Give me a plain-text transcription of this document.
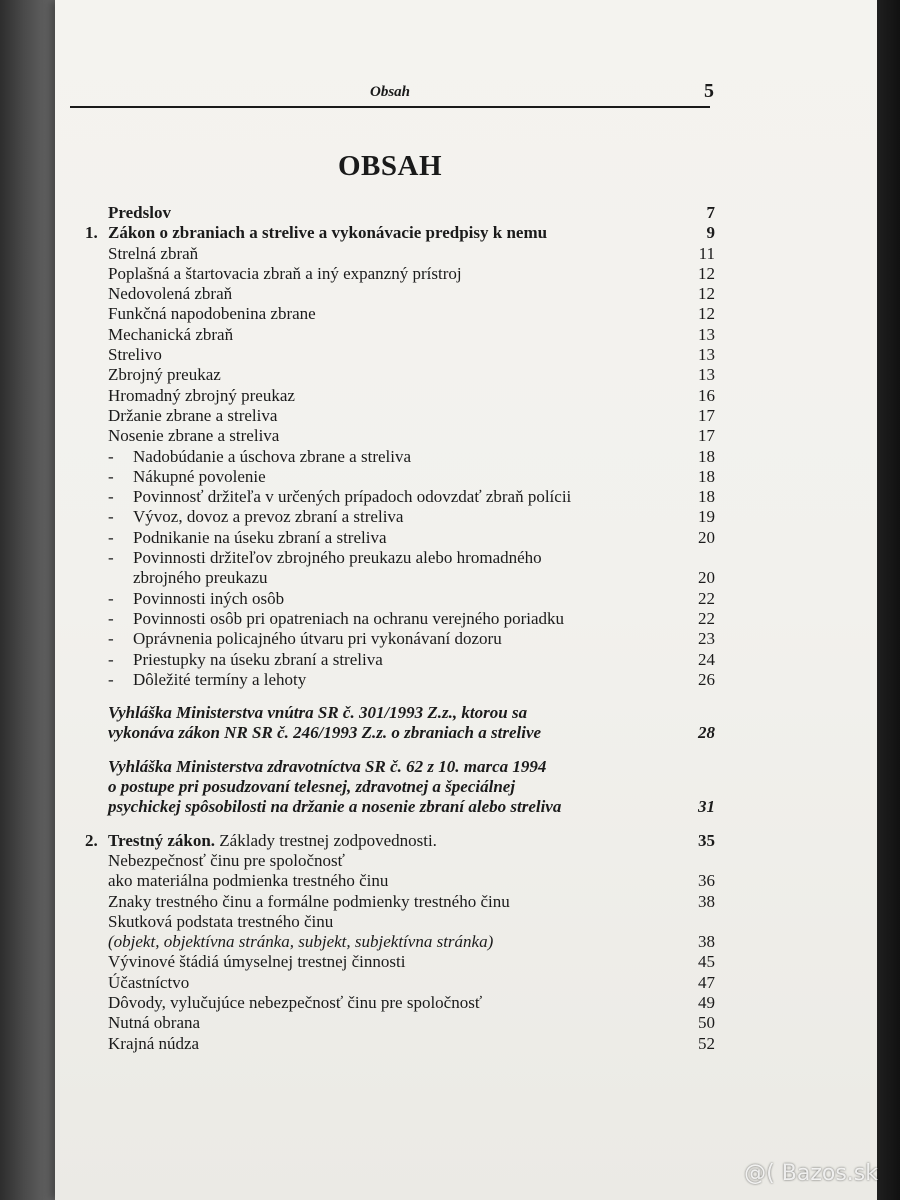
Obsah	5
OBSAH
Predslov	7
1. Zákon o zbraniach a strelive a vykonávacie predpisy k nemu	9
Strelná zbraň	11
Poplašná a štartovacia zbraň a iný expanzný prístroj	12
Nedovolená zbraň	12
Funkčná napodobenina zbrane	12
Mechanická zbraň	13
Strelivo	13
Zbrojný preukaz	13
Hromadný zbrojný preukaz	16
Držanie zbrane a streliva	17
Nosenie zbrane a streliva	17
- Nadobúdanie a úschova zbrane a streliva	18
- Nákupné povolenie	18
- Povinnosť držiteľa v určených prípadoch odovzdať zbraň polícii	18
- Vývoz, dovoz a prevoz zbraní a streliva	19
- Podnikanie na úseku zbraní a streliva	20
- Povinnosti držiteľov zbrojného preukazu alebo hromadného
zbrojného preukazu	20
- Povinnosti iných osôb	22
- Povinnosti osôb pri opatreniach na ochranu verejného poriadku	22
- Oprávnenia policajného útvaru pri vykonávaní dozoru	23
- Priestupky na úseku zbraní a streliva	24
- Dôležité termíny a lehoty	26
Vyhláška Ministerstva vnútra SR č. 301/1993 Z.z., ktorou sa
vykonáva zákon NR SR č. 246/1993 Z.z. o zbraniach a strelive	28
Vyhláška Ministerstva zdravotníctva SR č. 62 z 10. marca 1994
o postupe pri posudzovaní telesnej, zdravotnej a špeciálnej
psychickej spôsobilosti na držanie a nosenie zbraní alebo streliva	31
2. Trestný zákon. Základy trestnej zodpovednosti.	35
Nebezpečnosť činu pre spoločnosť
ako materiálna podmienka trestného činu	36
Znaky trestného činu a formálne podmienky trestného činu	38
Skutková podstata trestného činu
(objekt, objektívna stránka, subjekt, subjektívna stránka)	38
Vývinové štádiá úmyselnej trestnej činnosti	45
Účastníctvo	47
Dôvody, vylučujúce nebezpečnosť činu pre spoločnosť	49
Nutná obrana	50
Krajná núdza	52
@( Bazos.sk
